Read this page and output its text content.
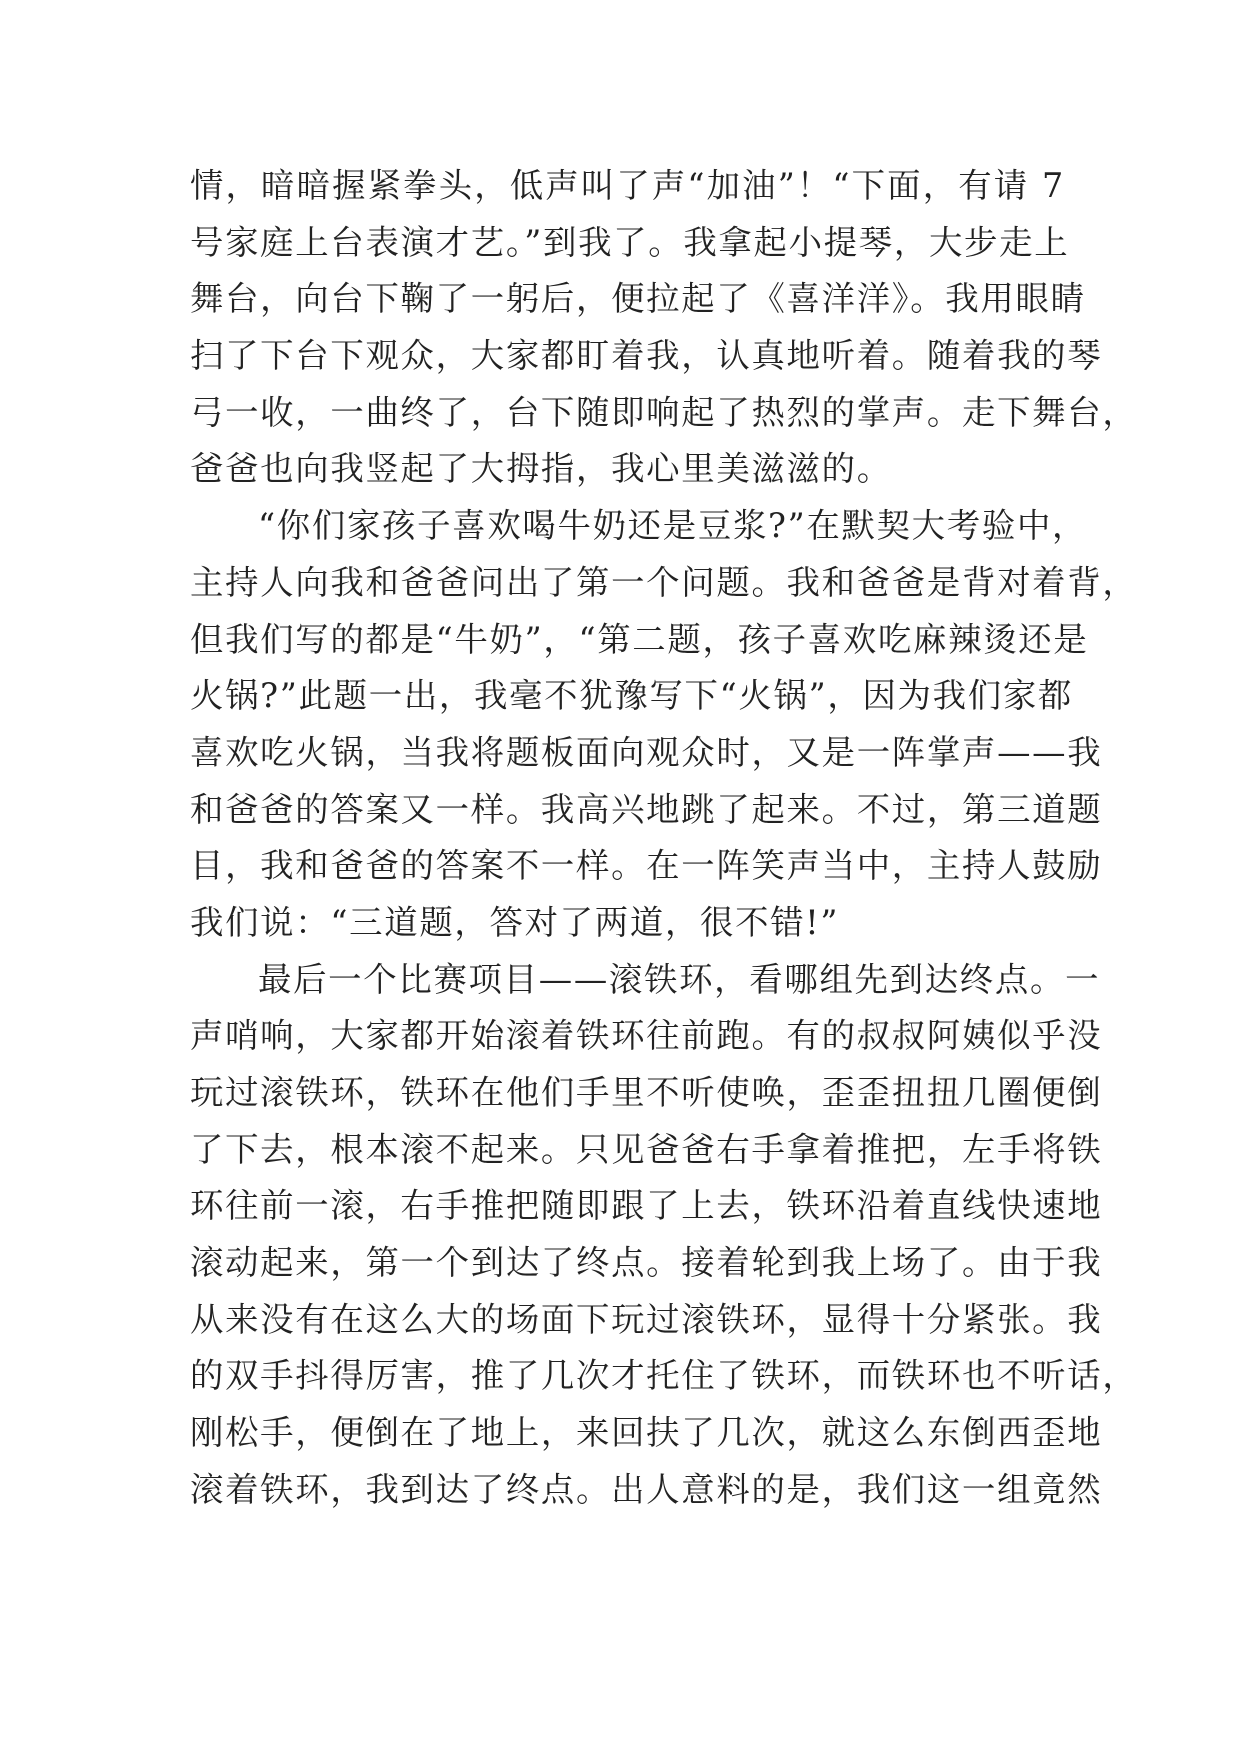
情，暗暗握紧拳头，低声叫了声“加油”！“下面，有请 7
号家庭上台表演才艺。”到我了。我拿起小提琴，大步走上
舞台，向台下鞠了一躬后，便拉起了《喜洋洋》。我用眼睛
扫了下台下观众，大家都盯着我，认真地听着。随着我的琴
弓一收，一曲终了，台下随即响起了热烈的掌声。走下舞台，
爸爸也向我竖起了大拇指，我心里美滋滋的。
“你们家孩子喜欢喝牛奶还是豆浆?”在默契大考验中，
主持人向我和爸爸问出了第一个问题。我和爸爸是背对着背，
但我们写的都是“牛奶”，“第二题，孩子喜欢吃麻辣烫还是
火锅?”此题一出，我毫不犹豫写下“火锅”，因为我们家都
喜欢吃火锅，当我将题板面向观众时，又是一阵掌声——我
和爸爸的答案又一样。我高兴地跳了起来。不过，第三道题
目，我和爸爸的答案不一样。在一阵笑声当中，主持人鼓励
我们说：“三道题，答对了两道，很不错!”
最后一个比赛项目——滚铁环，看哪组先到达终点。一
声哨响，大家都开始滚着铁环往前跑。有的叔叔阿姨似乎没
玩过滚铁环，铁环在他们手里不听使唤，歪歪扭扭几圈便倒
了下去，根本滚不起来。只见爸爸右手拿着推把，左手将铁
环往前一滚，右手推把随即跟了上去，铁环沿着直线快速地
滚动起来，第一个到达了终点。接着轮到我上场了。由于我
从来没有在这么大的场面下玩过滚铁环，显得十分紧张。我
的双手抖得厉害，推了几次才托住了铁环，而铁环也不听话，
刚松手，便倒在了地上，来回扶了几次，就这么东倒西歪地
滚着铁环，我到达了终点。出人意料的是，我们这一组竟然
